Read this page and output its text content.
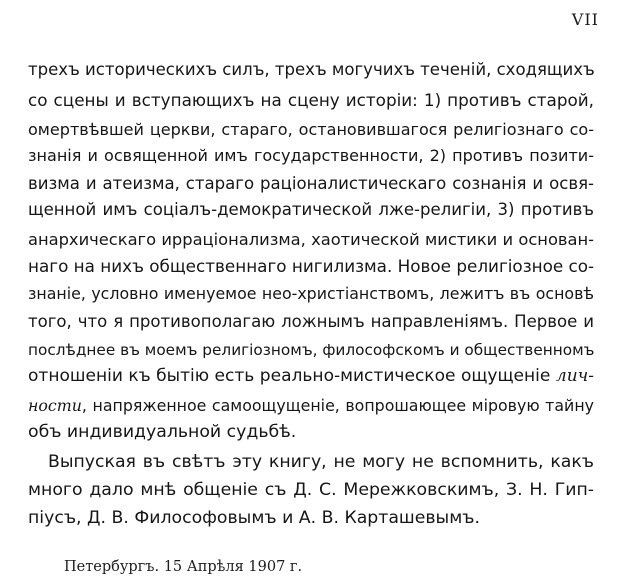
VII
трехъ историческихъ силъ, трехъ могучихъ теченій, сходящихъ
со сцены и вступающихъ на сцену исторіи: 1) противъ старой,
омертвѣвшей церкви, стараго, остановившагося религіознаго со-
знанія и освященной имъ государственности, 2) противъ позити-
визма и атеизма, стараго раціоналистическаго сознанія и освя-
щенной имъ соціалъ-демократической лже-религіи, 3) противъ
анархическаго ирраціонализма, хаотической мистики и основан-
наго на нихъ общественнаго нигилизма. Новое религіозное со-
знаніе, условно именуемое нео-христіанствомъ, лежитъ въ основѣ
того, что я противополагаю ложнымъ направленіямъ. Первое и
послѣднее въ моемъ религіозномъ, философскомъ и общественномъ
отношеніи къ бытію есть реально-мистическое ощущеніе лич-
ности, напряженное самоощущеніе, вопрошающее міровую тайну
объ индивидуальной судьбѣ.
Выпуская въ свѣтъ эту книгу, не могу не вспомнить, какъ
много дало мнѣ общеніе съ Д. С. Мережковскимъ, З. Н. Гип-
піусъ, Д. В. Философовымъ и А. В. Карташевымъ.
Петербургъ. 15 Апрѣля 1907 г.
